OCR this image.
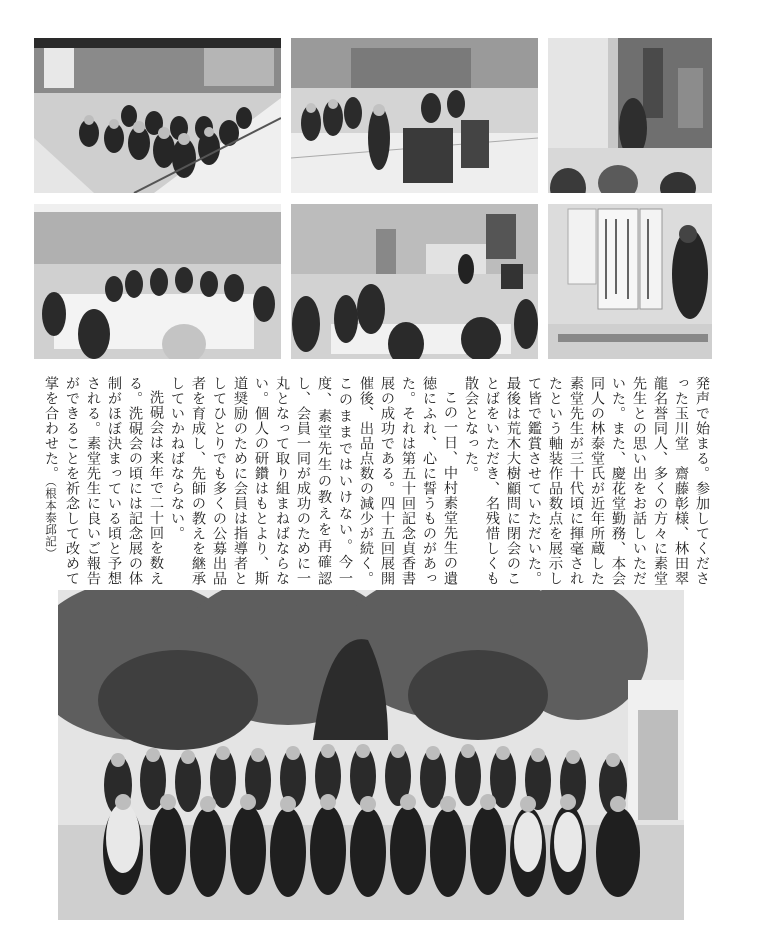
発声で始まる。参加してくださった玉川堂　齋藤彰様、林田翠龍名誉同人、多くの方々に素堂先生との思い出をお話しいただいた。また、慶花堂勤務、本会同人の林泰堂氏が近年所蔵した素堂先生が三十代頃に揮毫されたという軸装作品数点を展示して皆で鑑賞させていただいた。最後は荒木大樹顧問に閉会のことばをいただき、名残惜しくも散会となった。

この一日、中村素堂先生の遺徳にふれ、心に誓うものがあった。それは第五十回記念貞香書展の成功である。四十五回展開催後、出品点数の減少が続く。このままではいけない。今一度、素堂先生の教えを再確認し、会員一同が成功のために一丸となって取り組まねばならない。個人の研鑽はもとより、斯道奨励のために会員は指導者としてひとりでも多くの公募出品者を育成し、先師の教えを継承していかねばならない。

洗硯会は来年で二十回を数える。洗硯会の頃には記念展の体制がほぼ決まっている頃と予想される。素堂先生に良いご報告ができることを祈念して改めて掌を合わせた。（根本泰邱記）
